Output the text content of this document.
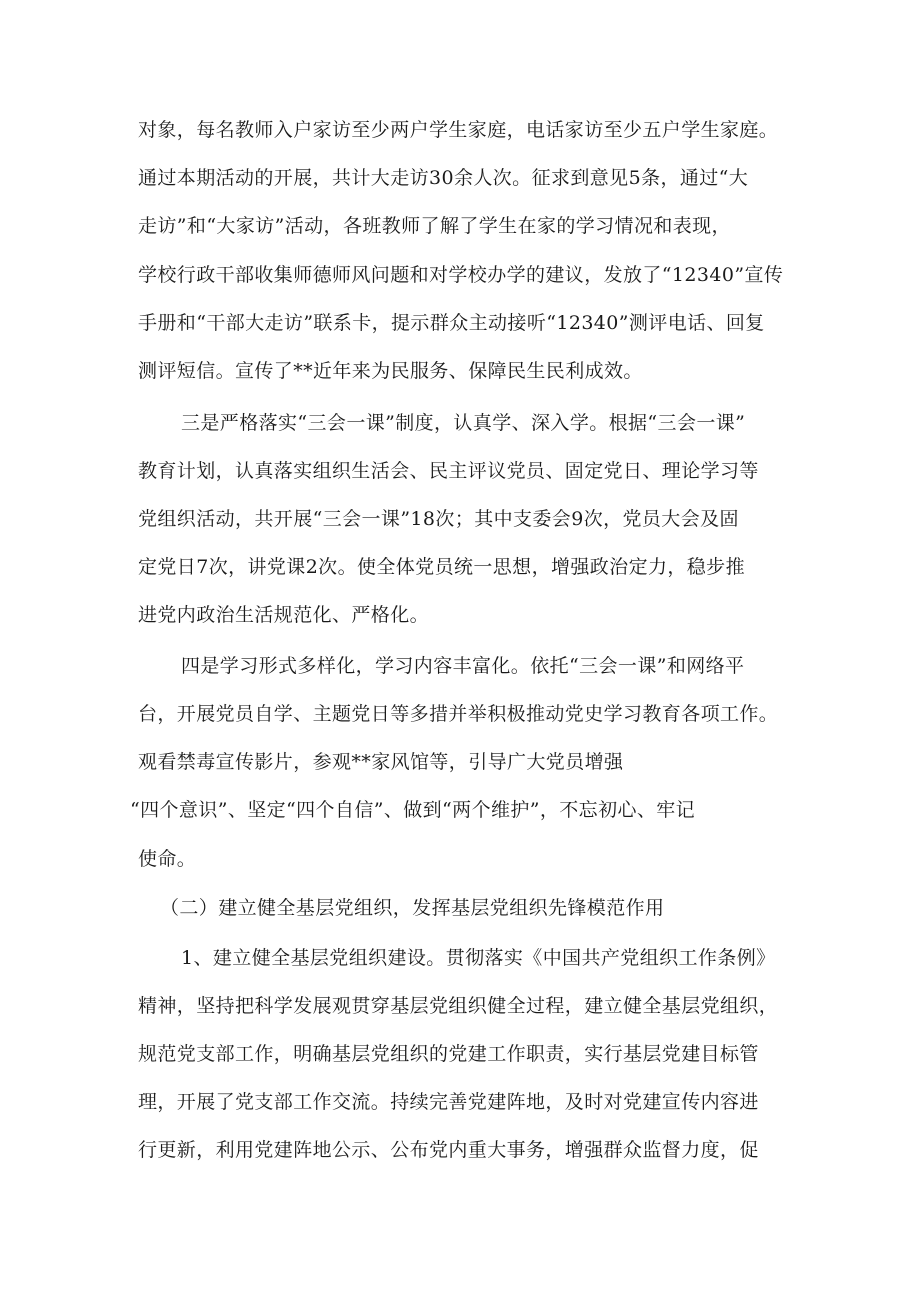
对象，每名教师入户家访至少两户学生家庭，电话家访至少五户学生家庭。
通过本期活动的开展，共计大走访30余人次。征求到意见5条，通过“大
走访”和“大家访”活动，各班教师了解了学生在家的学习情况和表现，
学校行政干部收集师德师风问题和对学校办学的建议，发放了“12340”宣传
手册和“干部大走访”联系卡，提示群众主动接听“12340”测评电话、回复
测评短信。宣传了**近年来为民服务、保障民生民利成效。
三是严格落实“三会一课”制度，认真学、深入学。根据“三会一课”
教育计划，认真落实组织生活会、民主评议党员、固定党日、理论学习等
党组织活动，共开展“三会一课”18次；其中支委会9次，党员大会及固
定党日7次，讲党课2次。使全体党员统一思想，增强政治定力，稳步推
进党内政治生活规范化、严格化。
四是学习形式多样化，学习内容丰富化。依托“三会一课”和网络平
台，开展党员自学、主题党日等多措并举积极推动党史学习教育各项工作。
观看禁毒宣传影片，参观**家风馆等，引导广大党员增强
“四个意识”、坚定“四个自信”、做到“两个维护”，不忘初心、牢记
使命。
（二）建立健全基层党组织，发挥基层党组织先锋模范作用
1、建立健全基层党组织建设。贯彻落实《中国共产党组织工作条例》
精神，坚持把科学发展观贯穿基层党组织健全过程，建立健全基层党组织，
规范党支部工作，明确基层党组织的党建工作职责，实行基层党建目标管
理，开展了党支部工作交流。持续完善党建阵地，及时对党建宣传内容进
行更新，利用党建阵地公示、公布党内重大事务，增强群众监督力度，促
